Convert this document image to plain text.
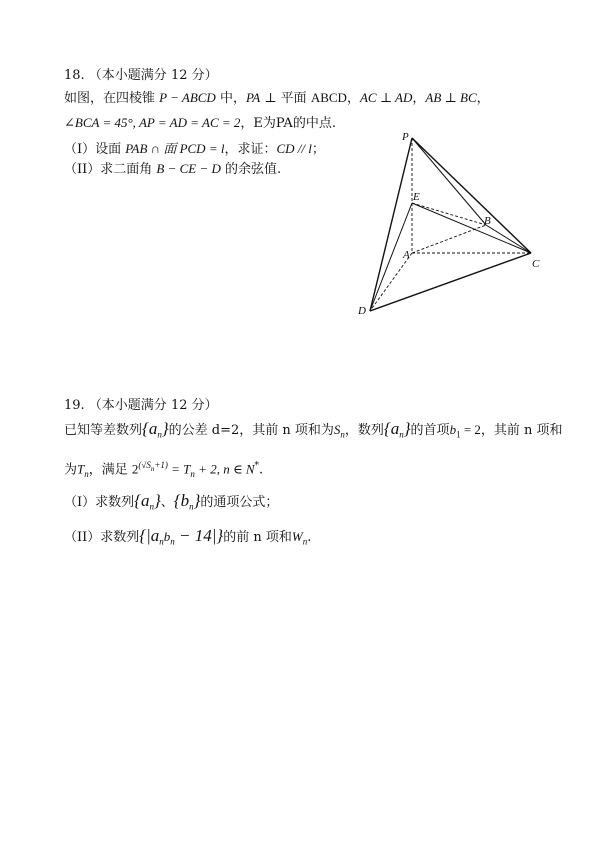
18. （本小题满分 12 分）
如图，在四棱锥 P − ABCD 中，PA ⊥ 平面 ABCD，AC ⊥ AD，AB ⊥ BC，
∠BCA = 45°, AP = AD = AC = 2，E为PA的中点.
（I）设面 PAB ∩ 面 PCD = l，求证：CD // l；
（II）求二面角 B − CE − D 的余弦值.
P
E
B
A
C
D
19. （本小题满分 12 分）
已知等差数列$\{a_n\}$的公差 d=2，其前 n 项和为$S_n$，数列$\{a_n\}$的首项$b_1 = 2$，其前 n 项和
为$T_n$，满足 $2^{(√S_n+1)} = T_n + 2$, n ∈ N*.
（I）求数列$\{a_n\}$、$\{b_n\}$的通项公式；
（II）求数列$\{|a_nb_n - 14|\}$的前 n 项和$W_n$.
